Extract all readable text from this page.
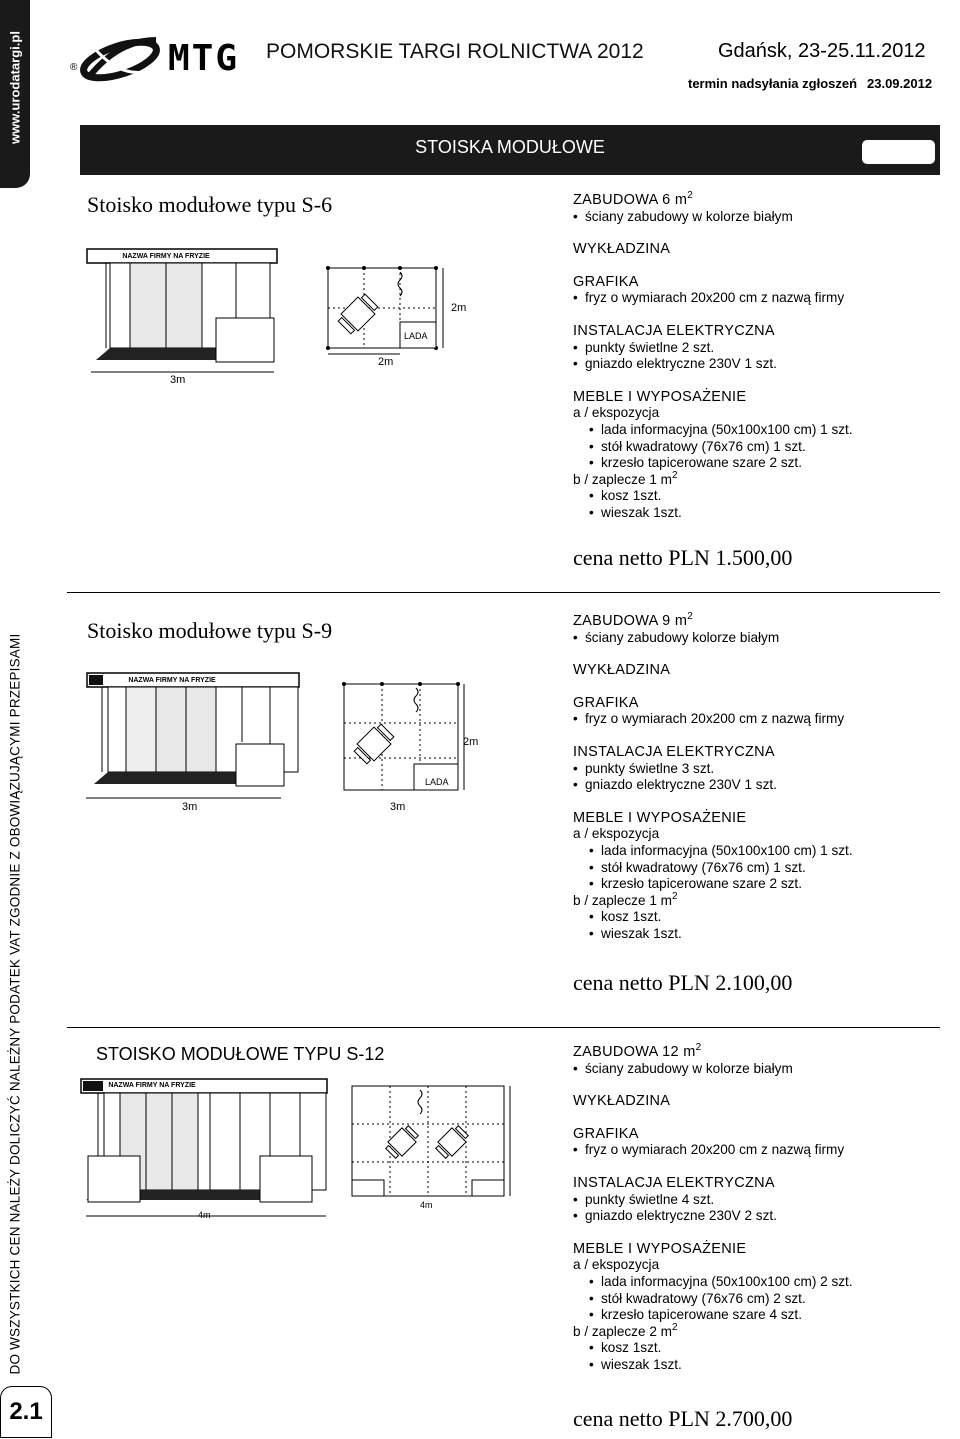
www.urodatargi.pl
DO WSZYSTKICH CEN NALEŻY DOLICZYĆ NALEŻNY PODATEK VAT ZGODNIE Z OBOWIĄZUJĄCYMI PRZEPISAMI
2.1
®	MTG POMORSKIE TARGI ROLNICTWA 2012	Gdańsk, 23-25.11.2012
termin nadsyłania zgłoszeń 23.09.2012
STOISKA MODUŁOWE
Stoisko modułowe typu S-6
NAZWA FIRMY NA FRYZIE
3m
LADA
2m
2m
ZABUDOWA 6 $m^2$
• ściany zabudowy w kolorze białym
WYKŁADZINA
GRAFIKA
• fryz o wymiarach 20x200 cm z nazwą firmy
INSTALACJA ELEKTRYCZNA
• punkty świetlne 2 szt.
• gniazdo elektryczne 230V 1 szt.
MEBLE I WYPOSAŻENIE
a / ekspozycja
• lada informacyjna (50x100x100 cm) 1 szt.
• stół kwadratowy (76x76 cm) 1 szt.
• krzesło tapicerowane szare 2 szt.
b / zaplecze 1 $m^2$
• kosz 1szt.
• wieszak 1szt.
cena netto PLN 1.500,00
Stoisko modułowe typu S-9
NAZWA FIRMY NA FRYZIE
3m
LADA
3m
2m
ZABUDOWA 9 $m^2$
• ściany zabudowy kolorze białym
WYKŁADZINA
GRAFIKA
• fryz o wymiarach 20x200 cm z nazwą firmy
INSTALACJA ELEKTRYCZNA
• punkty świetlne 3 szt.
• gniazdo elektryczne 230V 1 szt.
MEBLE I WYPOSAŻENIE
a / ekspozycja
• lada informacyjna (50x100x100 cm) 1 szt.
• stół kwadratowy (76x76 cm) 1 szt.
• krzesło tapicerowane szare 2 szt.
b / zaplecze 1 $m^2$
• kosz 1szt.
• wieszak 1szt.
cena netto PLN 2.100,00
STOISKO MODUŁOWE TYPU S-12
NAZWA FIRMY NA FRYZIE
4m
4m
ZABUDOWA 12 $m^2$
• ściany zabudowy w kolorze białym
WYKŁADZINA
GRAFIKA
• fryz o wymiarach 20x200 cm z nazwą firmy
INSTALACJA ELEKTRYCZNA
• punkty świetlne 4 szt.
• gniazdo elektryczne 230V 2 szt.
MEBLE I WYPOSAŻENIE
a / ekspozycja
• lada informacyjna (50x100x100 cm) 2 szt.
• stół kwadratowy (76x76 cm) 2 szt.
• krzesło tapicerowane szare 4 szt.
b / zaplecze 2 $m^2$
• kosz 1szt.
• wieszak 1szt.
cena netto PLN 2.700,00
